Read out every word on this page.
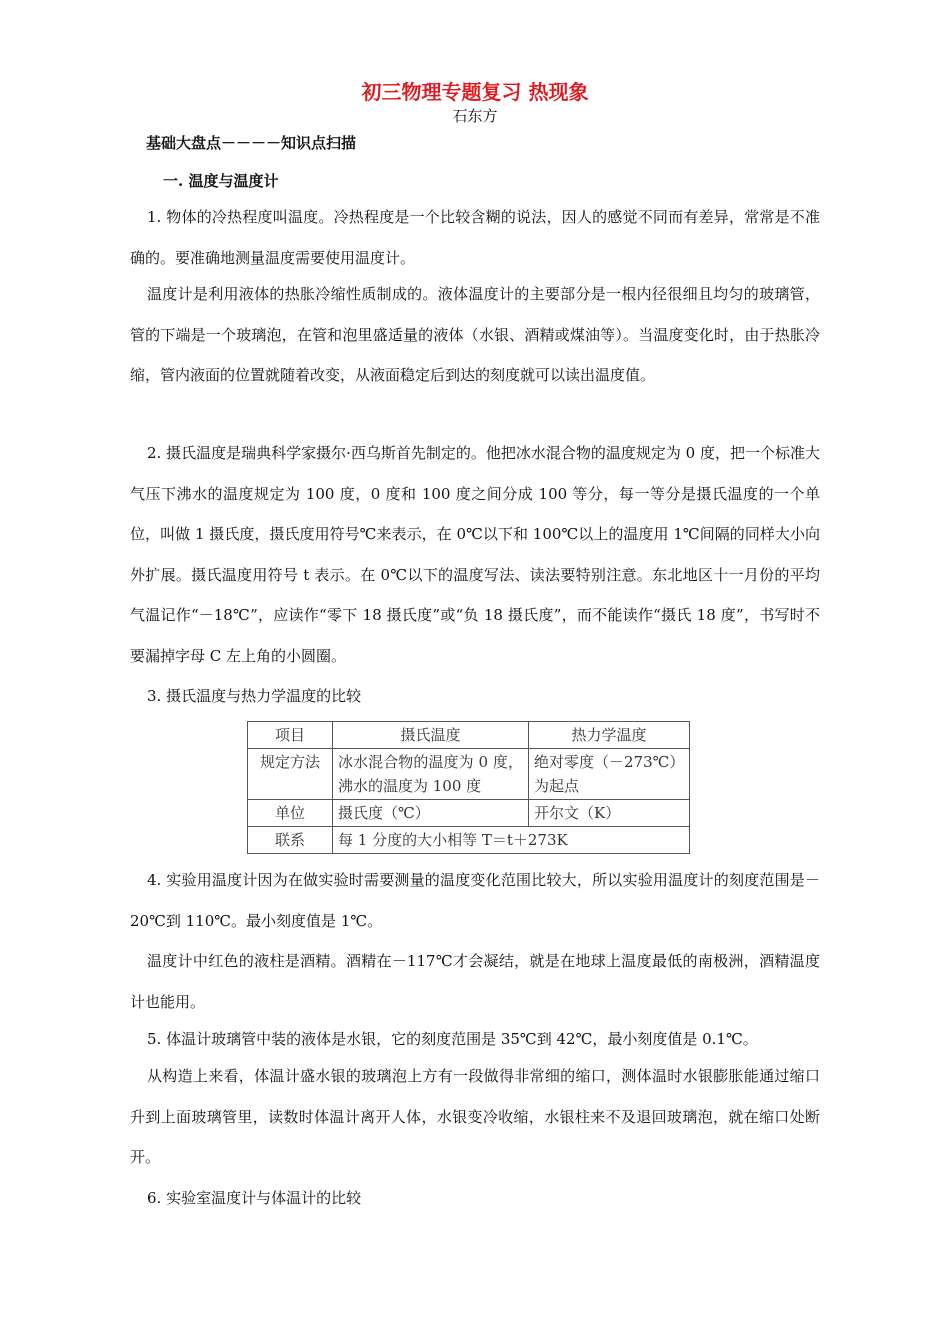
初三物理专题复习 热现象
石东方
基础大盘点－－－－知识点扫描
一. 温度与温度计

1. 物体的冷热程度叫温度。冷热程度是一个比较含糊的说法，因人的感觉不同而有差异，常常是不准确的。要准确地测量温度需要使用温度计。

温度计是利用液体的热胀冷缩性质制成的。液体温度计的主要部分是一根内径很细且均匀的玻璃管，管的下端是一个玻璃泡，在管和泡里盛适量的液体（水银、酒精或煤油等）。当温度变化时，由于热胀冷缩，管内液面的位置就随着改变，从液面稳定后到达的刻度就可以读出温度值。

2. 摄氏温度是瑞典科学家摄尔·西乌斯首先制定的。他把冰水混合物的温度规定为 0 度，把一个标准大气压下沸水的温度规定为 100 度，0 度和 100 度之间分成 100 等分，每一等分是摄氏温度的一个单位，叫做 1 摄氏度，摄氏度用符号℃来表示，在 0℃以下和 100℃以上的温度用 1℃间隔的同样大小向外扩展。摄氏温度用符号 t 表示。在 0℃以下的温度写法、读法要特别注意。东北地区十一月份的平均气温记作“－18℃”，应读作“零下 18 摄氏度”或“负 18 摄氏度”，而不能读作“摄氏 18 度”，书写时不要漏掉字母 C 左上角的小圆圈。

3. 摄氏温度与热力学温度的比较

项目	摄氏温度	热力学温度
规定方法	冰水混合物的温度为 0 度，沸水的温度为 100 度	绝对零度（－273℃）为起点
单位	摄氏度（℃）	开尔文（K）
联系	每 1 分度的大小相等 T＝t＋273K	

4. 实验用温度计因为在做实验时需要测量的温度变化范围比较大，所以实验用温度计的刻度范围是－20℃到 110℃。最小刻度值是 1℃。

温度计中红色的液柱是酒精。酒精在－117℃才会凝结，就是在地球上温度最低的南极洲，酒精温度计也能用。

5. 体温计玻璃管中装的液体是水银，它的刻度范围是 35℃到 42℃，最小刻度值是 0.1℃。

从构造上来看，体温计盛水银的玻璃泡上方有一段做得非常细的缩口，测体温时水银膨胀能通过缩口升到上面玻璃管里，读数时体温计离开人体，水银变冷收缩，水银柱来不及退回玻璃泡，就在缩口处断开。

6. 实验室温度计与体温计的比较
